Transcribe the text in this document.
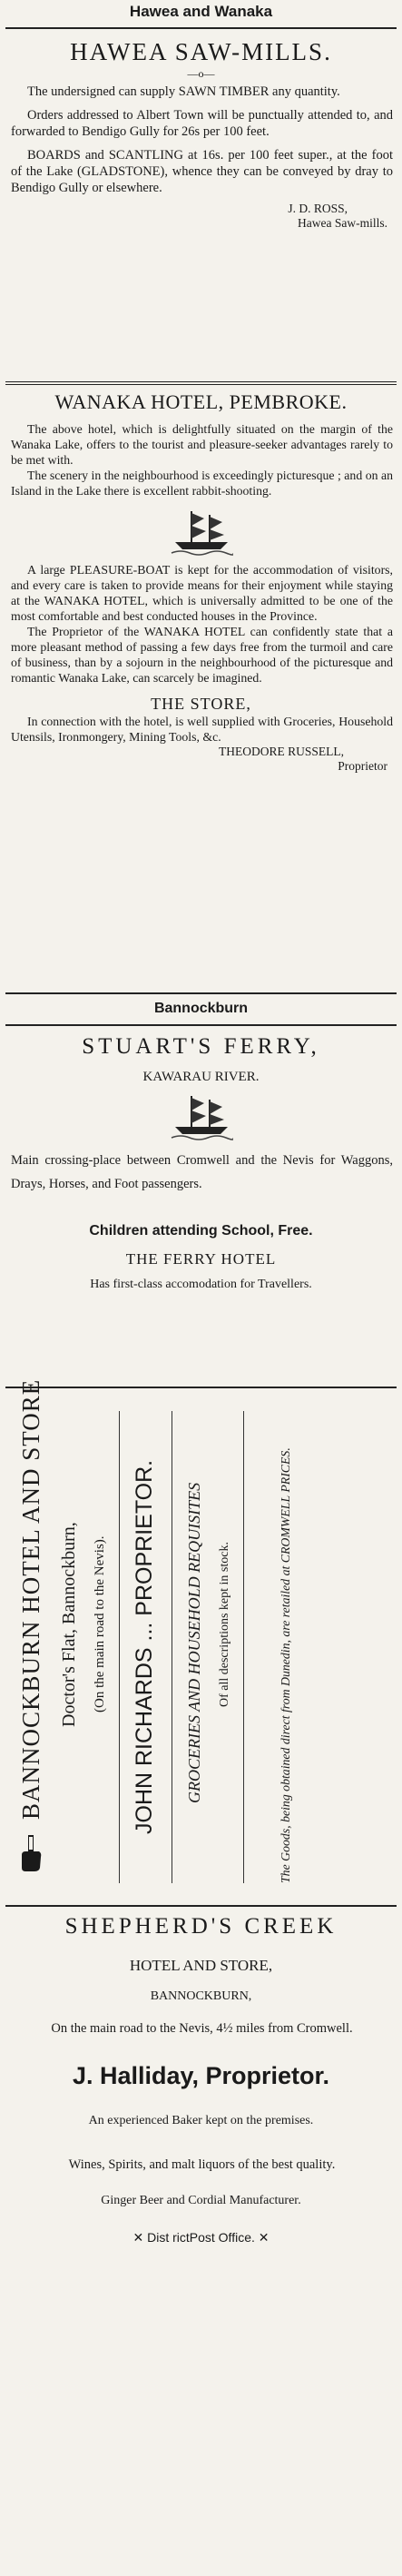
Hawea and Wanaka
HAWEA SAW-MILLS.
—o—

The undersigned can supply SAWN TIMBER any quantity.

Orders addressed to Albert Town will be punctually attended to, and forwarded to Bendigo Gully for 26s per 100 feet.

BOARDS and SCANTLING at 16s. per 100 feet super., at the foot of the Lake (GLADSTONE), whence they can be conveyed by dray to Bendigo Gully or elsewhere.

J. D. ROSS,
Hawea Saw-mills.
WANAKA HOTEL, PEMBROKE.

The above hotel, which is delightfully situated on the margin of the Wanaka Lake, offers to the tourist and pleasure-seeker advantages rarely to be met with.

The scenery in the neighbourhood is exceedingly picturesque ; and on an Island in the Lake there is excellent rabbit-shooting.

A large PLEASURE-BOAT is kept for the accommodation of visitors, and every care is taken to provide means for their enjoyment while staying at the WANAKA HOTEL, which is universally admitted to be one of the most comfortable and best conducted houses in the Province.

The Proprietor of the WANAKA HOTEL can confidently state that a more pleasant method of passing a few days free from the turmoil and care of business, than by a sojourn in the neighbourhood of the picturesque and romantic Wanaka Lake, can scarcely be imagined.

THE STORE,

In connection with the hotel, is well supplied with Groceries, Household Utensils, Ironmongery, Mining Tools, &c.

THEODORE RUSSELL,
Proprietor
Bannockburn
STUART'S FERRY,
KAWARAU RIVER.

Main crossing-place between Cromwell and the Nevis for Waggons, Drays, Horses, and Foot passengers.

Children attending School, Free.
THE FERRY HOTEL
Has first-class accomodation for Travellers.
BANNOCKBURN HOTEL AND STORE Doctor's Flat, Bannockburn, (On the main road to the Nevis). JOHN RICHARDS ... PROPRIETOR. GROCERIES AND HOUSEHOLD REQUISITES Of all descriptions kept in stock.	The Goods, being obtained direct from Dunedin, are retailed at CROMWELL PRICES.
SHEPHERD'S CREEK
HOTEL AND STORE,
BANNOCKBURN,

On the main road to the Nevis, 4½ miles from Cromwell.

J. Halliday, Proprietor.
An experienced Baker kept on the premises.

Wines, Spirits, and malt liquors of the best quality.

Ginger Beer and Cordial Manufacturer.
✕ Dist rictPost Office. ✕
